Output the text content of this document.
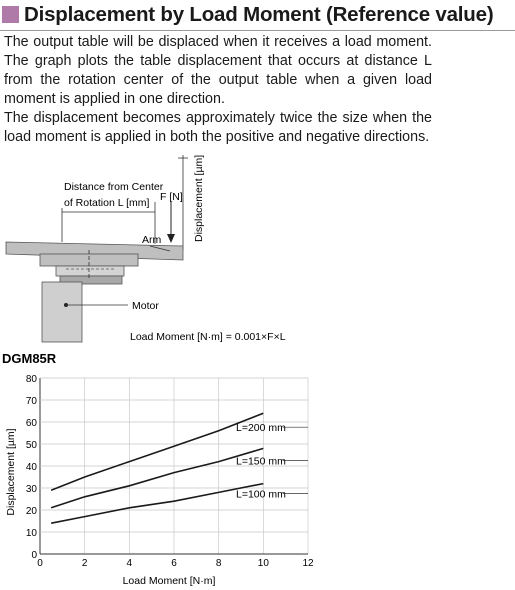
Displacement by Load Moment (Reference value)

The output table will be displaced when it receives a load moment. The graph plots the table displacement that occurs at distance L from the rotation center of the output table when a given load moment is applied in one direction.

The displacement becomes approximately twice the size when the load moment is applied in both the positive and negative directions.

Distance from Center
of Rotation L [mm] F [N] Displacement [µm]
Arm
Motor
Load Moment [N·m] = 0.001×F×L
DGM85R
0	2	4	6	8	10	12
0
10
20
30
40
50
60
70
80
L=200 mm
L=150 mm
L=100 mm
Load Moment [N·m]
Displacement [µm]
